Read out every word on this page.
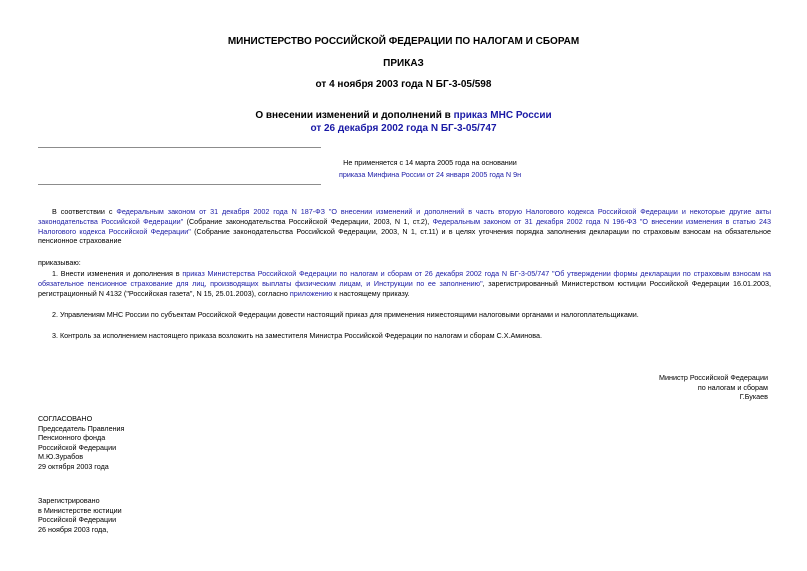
МИНИСТЕРСТВО РОССИЙСКОЙ ФЕДЕРАЦИИ ПО НАЛОГАМ И СБОРАМ
ПРИКАЗ
от 4 ноября 2003 года N БГ-3-05/598
О внесении изменений и дополнений в приказ МНС России
от 26 декабря 2002 года N БГ-3-05/747
Не применяется с 14 марта 2005 года на основании
приказа Минфина России от 24 января 2005 года N 9н
В соответствии с Федеральным законом от 31 декабря 2002 года N 187-ФЗ "О внесении изменений и дополнений в часть вторую Налогового кодекса Российской Федерации и некоторые другие акты законодательства Российской Федерации" (Собрание законодательства Российской Федерации, 2003, N 1, ст.2), Федеральным законом от 31 декабря 2002 года N 196-ФЗ "О внесении изменения в статью 243 Налогового кодекса Российской Федерации" (Собрание законодательства Российской Федерации, 2003, N 1, ст.11) и в целях уточнения порядка заполнения декларации по страховым взносам на обязательное пенсионное страхование
приказываю:
1. Внести изменения и дополнения в приказ Министерства Российской Федерации по налогам и сборам от 26 декабря 2002 года N БГ-3-05/747 "Об утверждении формы декларации по страховым взносам на обязательное пенсионное страхование для лиц, производящих выплаты физическим лицам, и Инструкции по ее заполнению", зарегистрированный Министерством юстиции Российской Федерации 16.01.2003, регистрационный N 4132 ("Российская газета", N 15, 25.01.2003), согласно приложению к настоящему приказу.
2. Управлениям МНС России по субъектам Российской Федерации довести настоящий приказ для применения нижестоящими налоговыми органами и налогоплательщиками.
3. Контроль за исполнением настоящего приказа возложить на заместителя Министра Российской Федерации по налогам и сборам С.Х.Аминова.
Министр Российской Федерации
по налогам и сборам
Г.Букаев
СОГЛАСОВАНО
Председатель Правления
Пенсионного фонда
Российской Федерации
М.Ю.Зурабов
29 октября 2003 года
Зарегистрировано
в Министерстве юстиции
Российской Федерации
26 ноября 2003 года,
